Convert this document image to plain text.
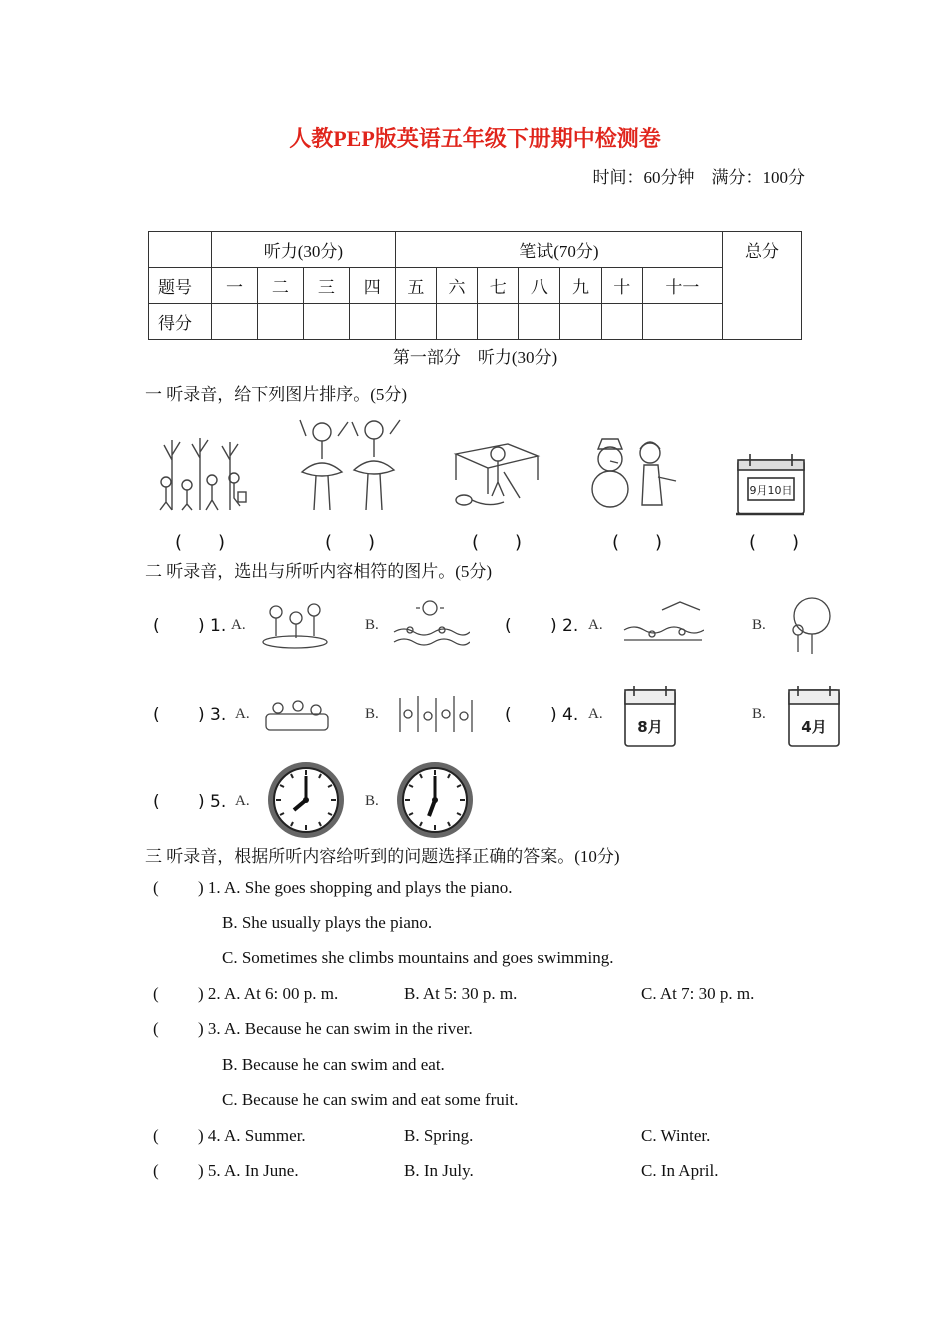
人教PEP版英语五年级下册期中检测卷
时间：60分钟　满分：100分
	听力(30分)				笔试(70分)							总分
题号	一	二	三	四	五	六	七	八	九	十	十一	
得分												
第一部分　听力(30分)
一 听录音，给下列图片排序。(5分)
9月10日
(　　)	(　　)	(　　)	(　　)	(　　)
二 听录音，选出与所听内容相符的图片。(5分)
( ) 1. A.	B.	( ) 2. A.	B.
( ) 3. A.	B.	( ) 4. A.
8月
B.
4月
( ) 5. A.	B.
三 听录音，根据所听内容给听到的问题选择正确的答案。(10分)
( ) 1. A. She goes shopping and plays the piano.
B. She usually plays the piano.
C. Sometimes she climbs mountains and goes swimming.
( ) 2. A. At 6: 00 p. m.	B. At 5: 30 p. m.	C. At 7: 30 p. m.
( ) 3. A. Because he can swim in the river.
B. Because he can swim and eat.
C. Because he can swim and eat some fruit.
( ) 4. A. Summer.	B. Spring.	C. Winter.
( ) 5. A. In June.	B. In July.	C. In April.
